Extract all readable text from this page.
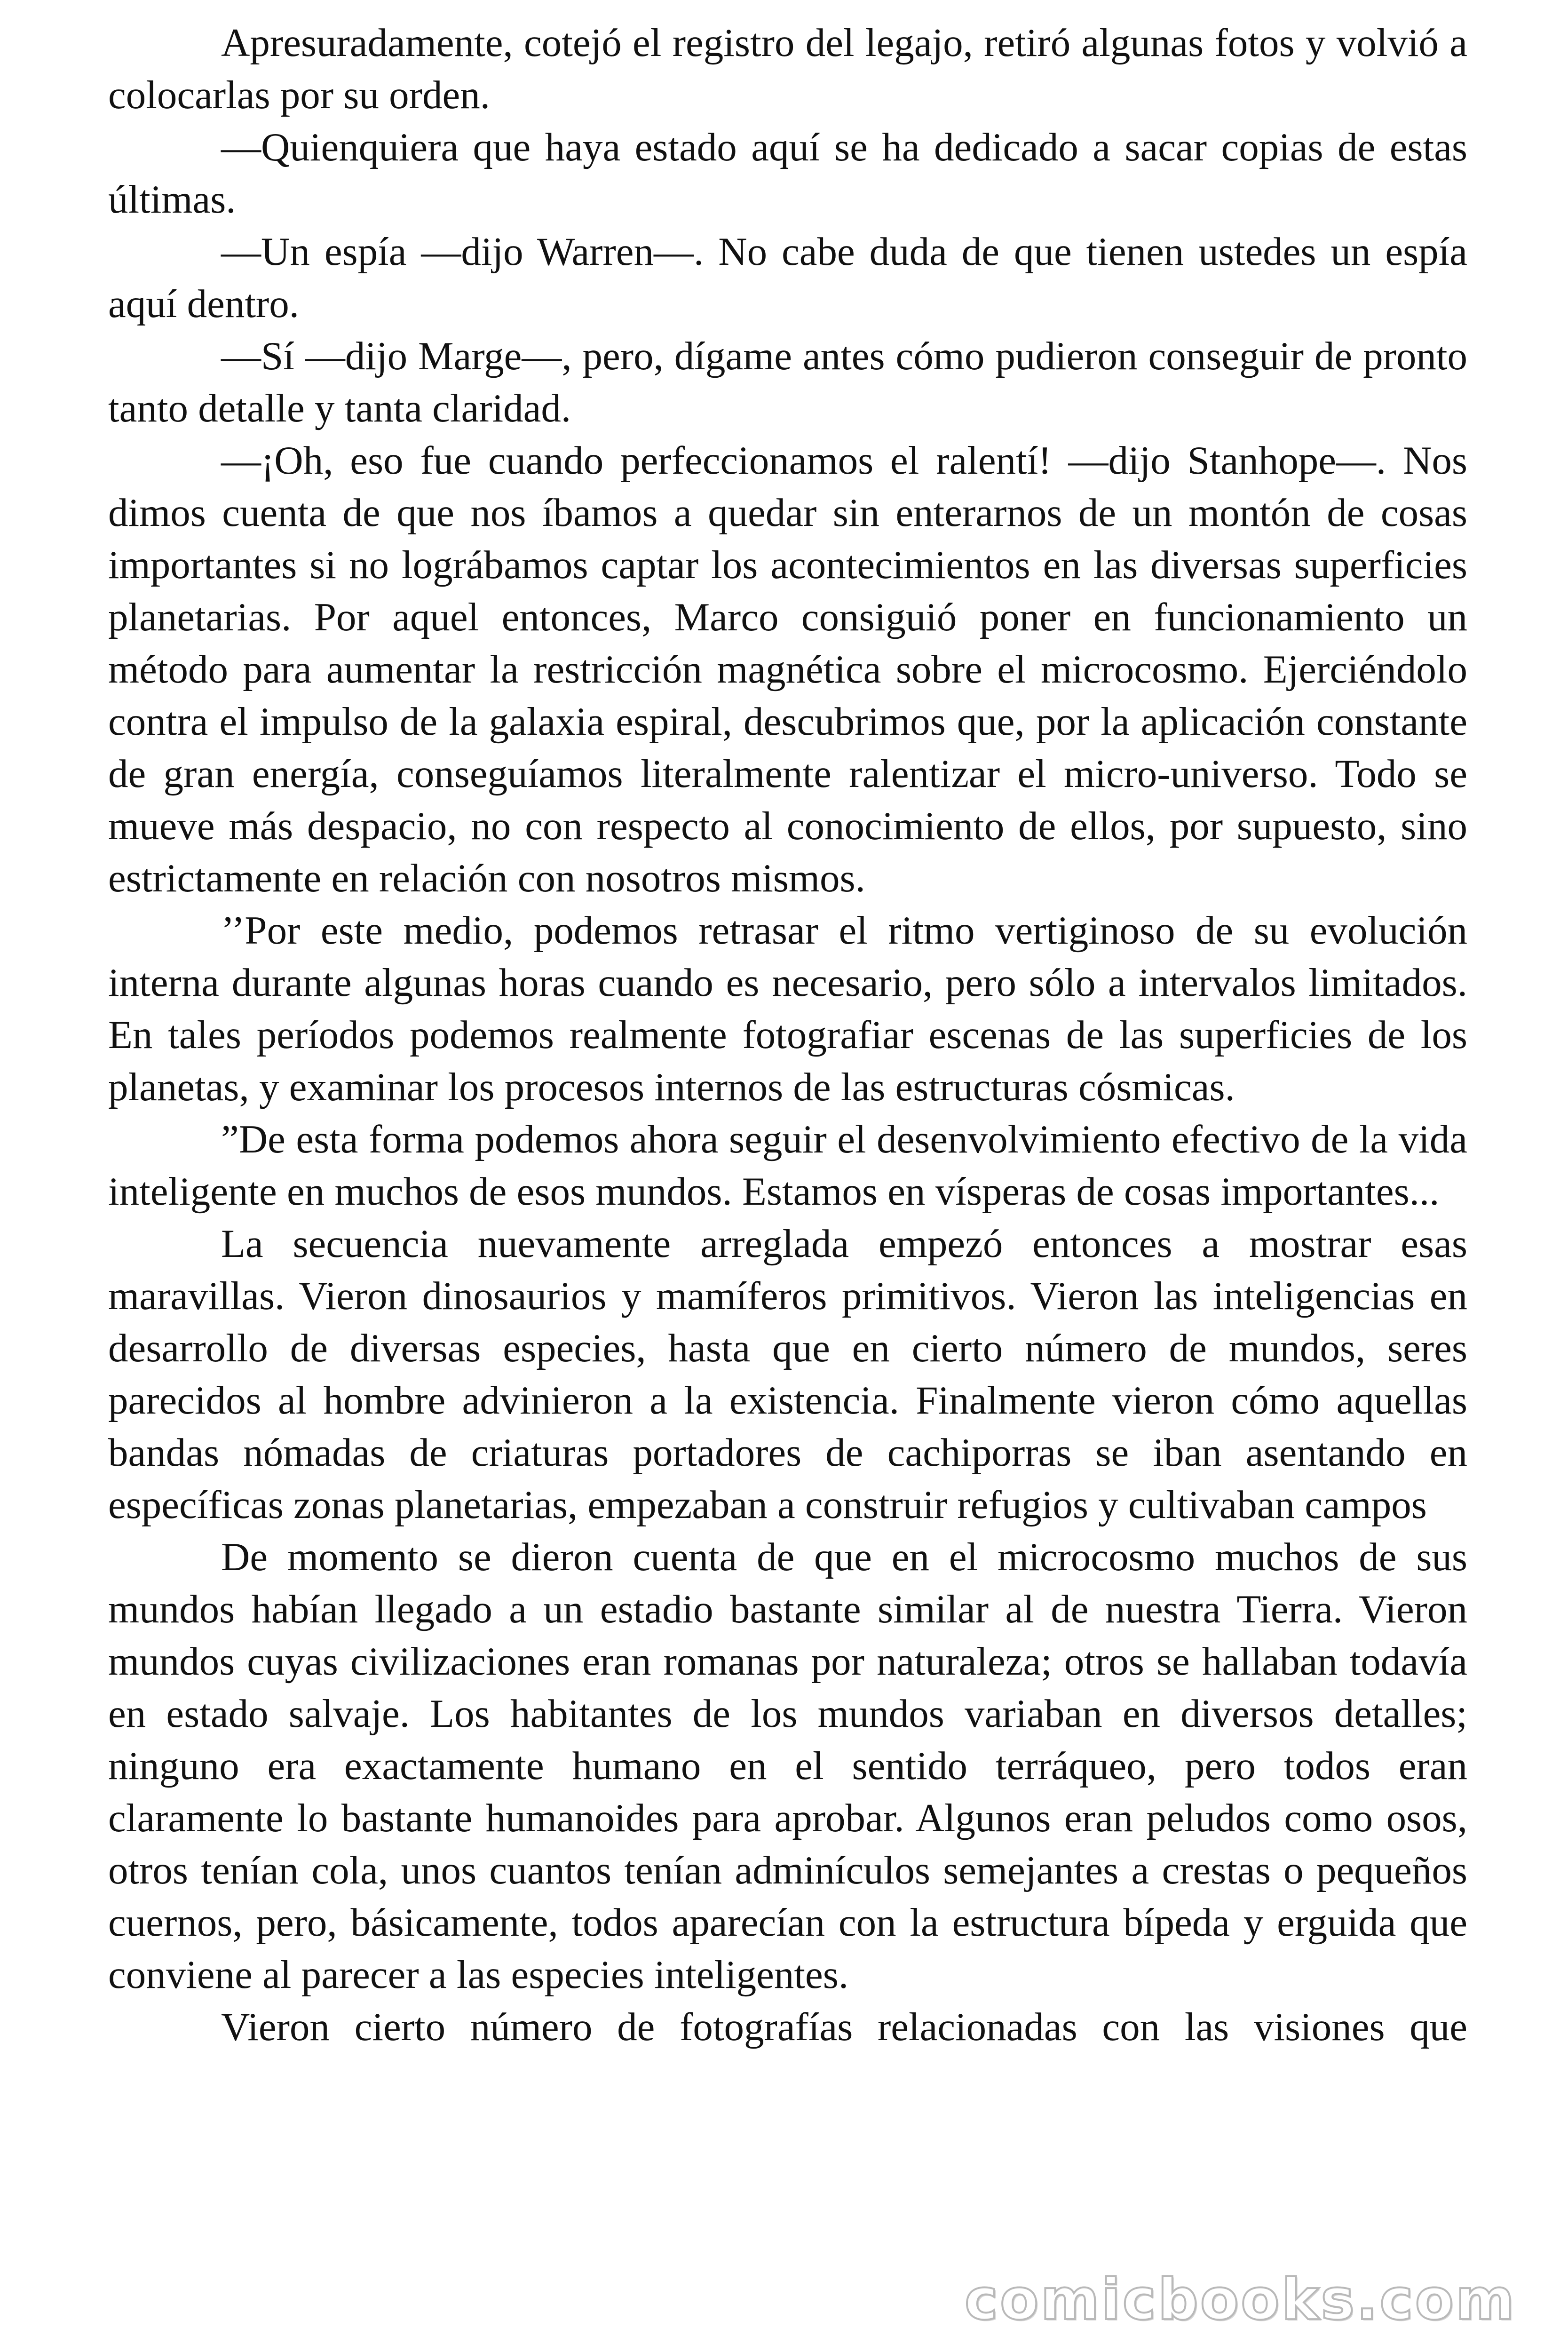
Apresuradamente, cotejó el registro del legajo, retiró algunas fotos y volvió a colocarlas por su orden.

—Quienquiera que haya estado aquí se ha dedicado a sacar copias de estas últimas.

—Un espía —dijo Warren—. No cabe duda de que tienen ustedes un espía aquí dentro.

—Sí —dijo Marge—, pero, dígame antes cómo pudieron conseguir de pronto tanto detalle y tanta claridad.

—¡Oh, eso fue cuando perfeccionamos el ralentí! —dijo Stanhope—. Nos dimos cuenta de que nos íbamos a quedar sin enterarnos de un montón de cosas importantes si no lográbamos captar los acontecimientos en las diversas superficies planetarias. Por aquel entonces, Marco consiguió poner en funcionamiento un método para aumentar la restricción magnética sobre el microcosmo. Ejerciéndolo contra el impulso de la galaxia espiral, descubrimos que, por la aplicación constante de gran energía, conseguíamos literalmente ralentizar el micro-universo. Todo se mueve más despacio, no con respecto al conocimiento de ellos, por supuesto, sino estrictamente en relación con nosotros mismos.

’’Por este medio, podemos retrasar el ritmo vertiginoso de su evolución interna durante algunas horas cuando es necesario, pero sólo a intervalos limitados. En tales períodos podemos realmente fotografiar escenas de las superficies de los planetas, y examinar los procesos internos de las estructuras cósmicas.

”De esta forma podemos ahora seguir el desenvolvimiento efectivo de la vida inteligente en muchos de esos mundos. Estamos en vísperas de cosas importantes...

La secuencia nuevamente arreglada empezó entonces a mostrar esas maravillas. Vieron dinosaurios y mamíferos primitivos. Vieron las inteligencias en desarrollo de diversas especies, hasta que en cierto número de mundos, seres parecidos al hombre advinieron a la existencia. Finalmente vieron cómo aquellas bandas nómadas de criaturas portadores de cachiporras se iban asentando en específicas zonas planetarias, empezaban a construir refugios y cultivaban campos

De momento se dieron cuenta de que en el microcosmo muchos de sus mundos habían llegado a un estadio bastante similar al de nuestra Tierra. Vieron mundos cuyas civilizaciones eran romanas por naturaleza; otros se hallaban todavía en estado salvaje. Los habitantes de los mundos variaban en diversos detalles; ninguno era exactamente humano en el sentido terráqueo, pero todos eran claramente lo bastante humanoides para aprobar. Algunos eran peludos como osos, otros tenían cola, unos cuantos tenían adminículos semejantes a crestas o pequeños cuernos, pero, básicamente, todos aparecían con la estructura bípeda y erguida que conviene al parecer a las especies inteligentes.

Vieron cierto número de fotografías relacionadas con las visiones que

comicbooks.com
